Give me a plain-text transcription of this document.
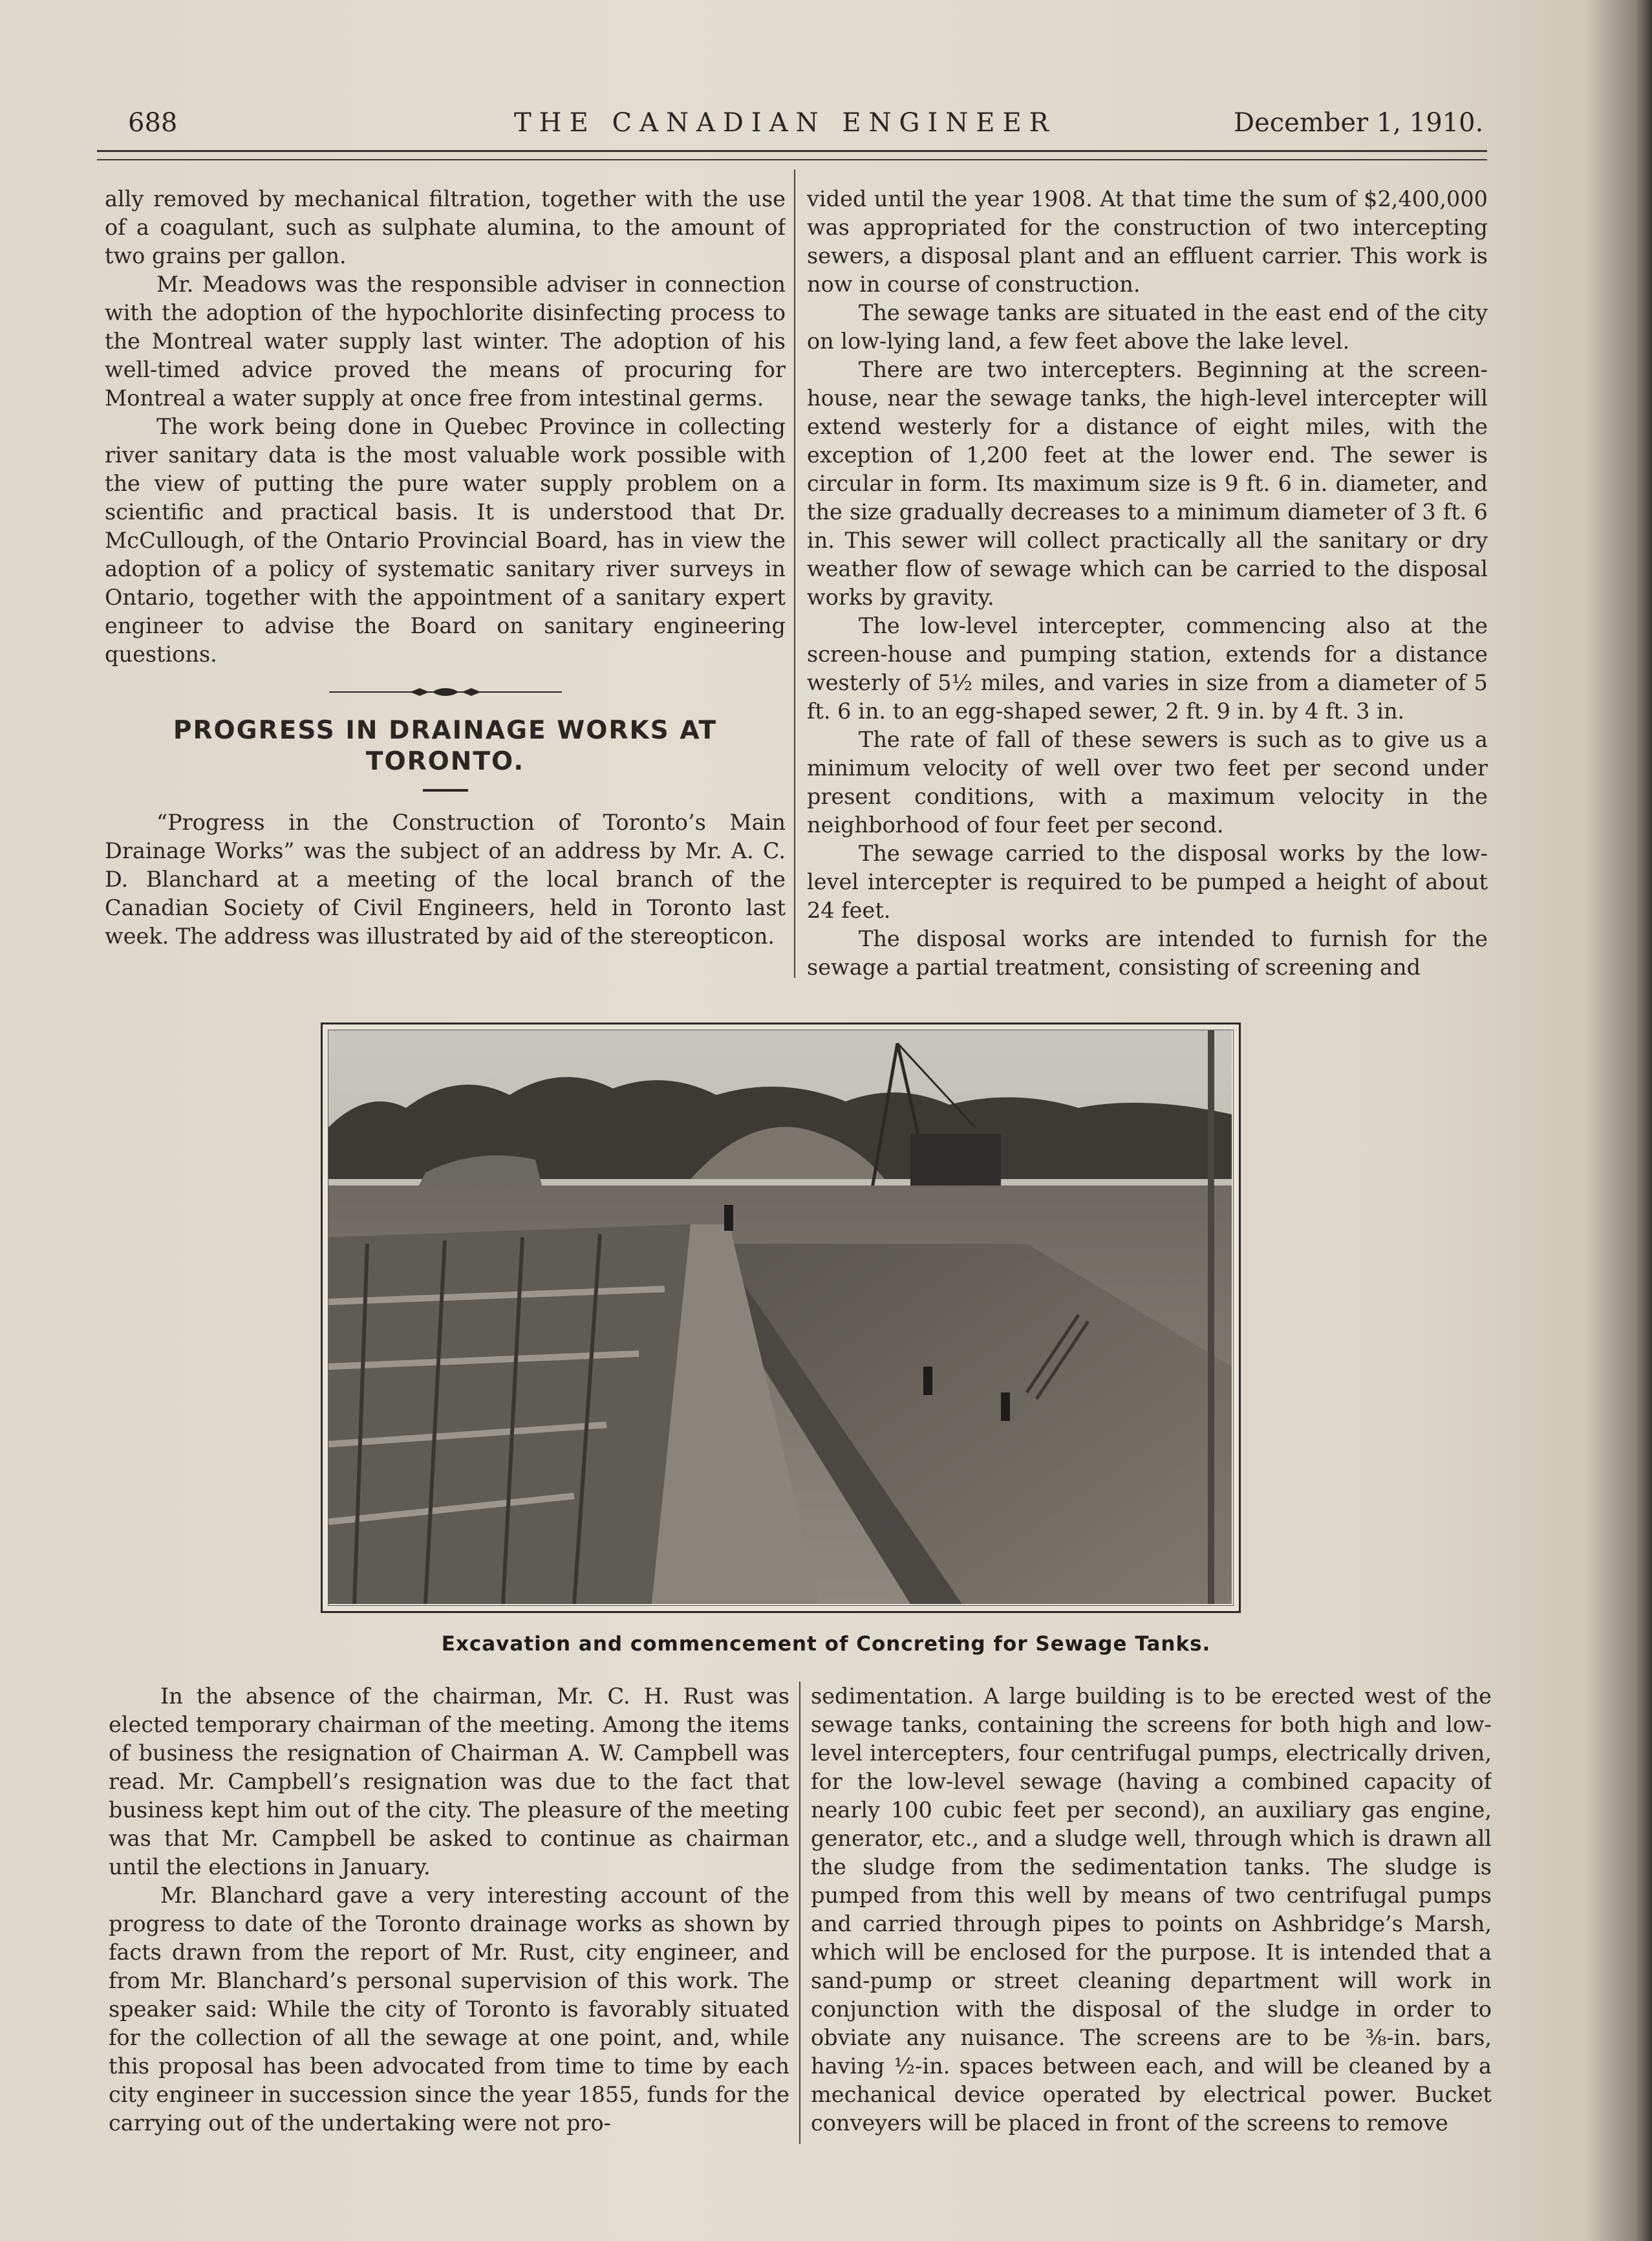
688	THE CANADIAN ENGINEER	December 1, 1910.

ally removed by mechanical filtration, together with the use of a coagulant, such as sulphate alumina, to the amount of two grains per gallon.

Mr. Meadows was the responsible adviser in connection with the adoption of the hypochlorite disinfecting process to the Montreal water supply last winter. The adoption of his well-timed advice proved the means of procuring for Montreal a water supply at once free from intestinal germs.

The work being done in Quebec Province in collecting river sanitary data is the most valuable work possible with the view of putting the pure water supply problem on a scientific and practical basis. It is understood that Dr. McCullough, of the Ontario Provincial Board, has in view the adoption of a policy of systematic sanitary river surveys in Ontario, together with the appointment of a sanitary expert engineer to advise the Board on sanitary engineering questions.

PROGRESS IN DRAINAGE WORKS AT

TORONTO.

“Progress in the Construction of Toronto’s Main Drainage Works” was the subject of an address by Mr. A. C. D. Blanchard at a meeting of the local branch of the Canadian Society of Civil Engineers, held in Toronto last week. The address was illustrated by aid of the stereopticon.

vided until the year 1908. At that time the sum of $2,400,000 was appropriated for the construction of two intercepting sewers, a disposal plant and an effluent carrier. This work is now in course of construction.

The sewage tanks are situated in the east end of the city on low-lying land, a few feet above the lake level.

There are two intercepters. Beginning at the screen-house, near the sewage tanks, the high-level intercepter will extend westerly for a distance of eight miles, with the exception of 1,200 feet at the lower end. The sewer is circular in form. Its maximum size is 9 ft. 6 in. diameter, and the size gradually decreases to a minimum diameter of 3 ft. 6 in. This sewer will collect practically all the sanitary or dry weather flow of sewage which can be carried to the disposal works by gravity.

The low-level intercepter, commencing also at the screen-house and pumping station, extends for a distance westerly of 5½ miles, and varies in size from a diameter of 5 ft. 6 in. to an egg-shaped sewer, 2 ft. 9 in. by 4 ft. 3 in.

The rate of fall of these sewers is such as to give us a minimum velocity of well over two feet per second under present conditions, with a maximum velocity in the neighborhood of four feet per second.

The sewage carried to the disposal works by the low-level intercepter is required to be pumped a height of about 24 feet.

The disposal works are intended to furnish for the sewage a partial treatment, consisting of screening and

Excavation and commencement of Concreting for Sewage Tanks.

In the absence of the chairman, Mr. C. H. Rust was elected temporary chairman of the meeting. Among the items of business the resignation of Chairman A. W. Campbell was read. Mr. Campbell’s resignation was due to the fact that business kept him out of the city. The pleasure of the meeting was that Mr. Campbell be asked to continue as chairman until the elections in January.

Mr. Blanchard gave a very interesting account of the progress to date of the Toronto drainage works as shown by facts drawn from the report of Mr. Rust, city engineer, and from Mr. Blanchard’s personal supervision of this work. The speaker said: While the city of Toronto is favorably situated for the collection of all the sewage at one point, and, while this proposal has been advocated from time to time by each city engineer in succession since the year 1855, funds for the carrying out of the undertaking were not pro-

sedimentation. A large building is to be erected west of the sewage tanks, containing the screens for both high and low-level intercepters, four centrifugal pumps, electrically driven, for the low-level sewage (having a combined capacity of nearly 100 cubic feet per second), an auxiliary gas engine, generator, etc., and a sludge well, through which is drawn all the sludge from the sedimentation tanks. The sludge is pumped from this well by means of two centrifugal pumps and carried through pipes to points on Ashbridge’s Marsh, which will be enclosed for the purpose. It is intended that a sand-pump or street cleaning department will work in conjunction with the disposal of the sludge in order to obviate any nuisance. The screens are to be ⅜-in. bars, having ½-in. spaces between each, and will be cleaned by a mechanical device operated by electrical power. Bucket conveyers will be placed in front of the screens to remove
